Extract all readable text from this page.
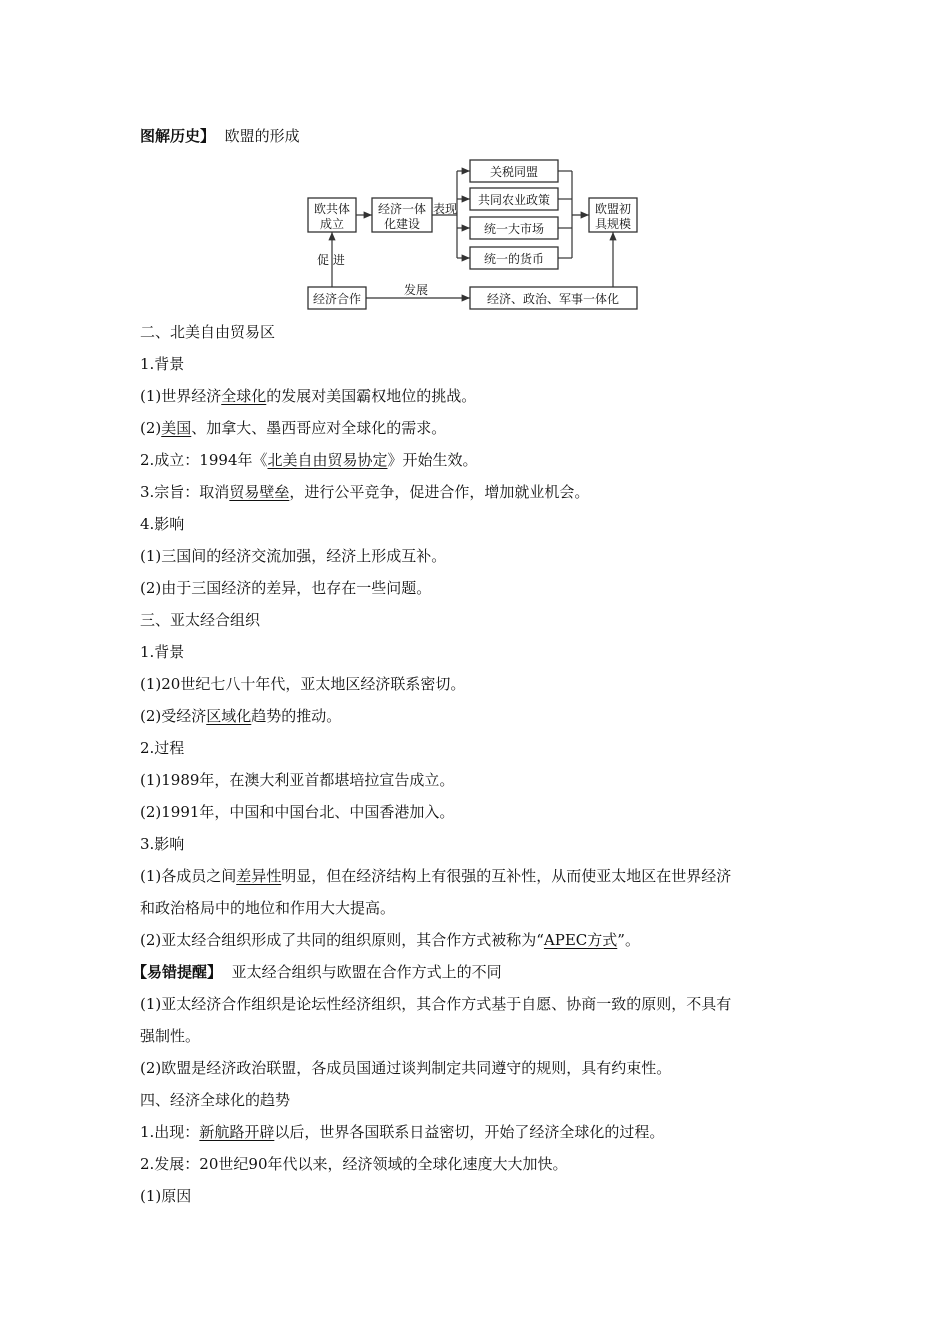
图解历史】 欧盟的形成
欧共体
成立
经济一体
化建设
表现
关税同盟
共同农业政策
统一大市场
统一的货币
欧盟初
具规模
促 进
经济合作
发展
经济、政治、军事一体化
二、北美自由贸易区
1.背景
(1)世界经济全球化的发展对美国霸权地位的挑战。
(2)美国、加拿大、墨西哥应对全球化的需求。
2.成立：1994年《北美自由贸易协定》开始生效。
3.宗旨：取消贸易壁垒，进行公平竞争，促进合作，增加就业机会。
4.影响
(1)三国间的经济交流加强，经济上形成互补。
(2)由于三国经济的差异，也存在一些问题。
三、亚太经合组织
1.背景
(1)20世纪七八十年代，亚太地区经济联系密切。
(2)受经济区域化趋势的推动。
2.过程
(1)1989年，在澳大利亚首都堪培拉宣告成立。
(2)1991年，中国和中国台北、中国香港加入。
3.影响
(1)各成员之间差异性明显，但在经济结构上有很强的互补性，从而使亚太地区在世界经济
和政治格局中的地位和作用大大提高。
(2)亚太经合组织形成了共同的组织原则，其合作方式被称为“APEC方式”。
【易错提醒】 亚太经合组织与欧盟在合作方式上的不同
(1)亚太经济合作组织是论坛性经济组织，其合作方式基于自愿、协商一致的原则，不具有
强制性。
(2)欧盟是经济政治联盟，各成员国通过谈判制定共同遵守的规则，具有约束性。
四、经济全球化的趋势
1.出现：新航路开辟以后，世界各国联系日益密切，开始了经济全球化的过程。
2.发展：20世纪90年代以来，经济领域的全球化速度大大加快。
(1)原因
